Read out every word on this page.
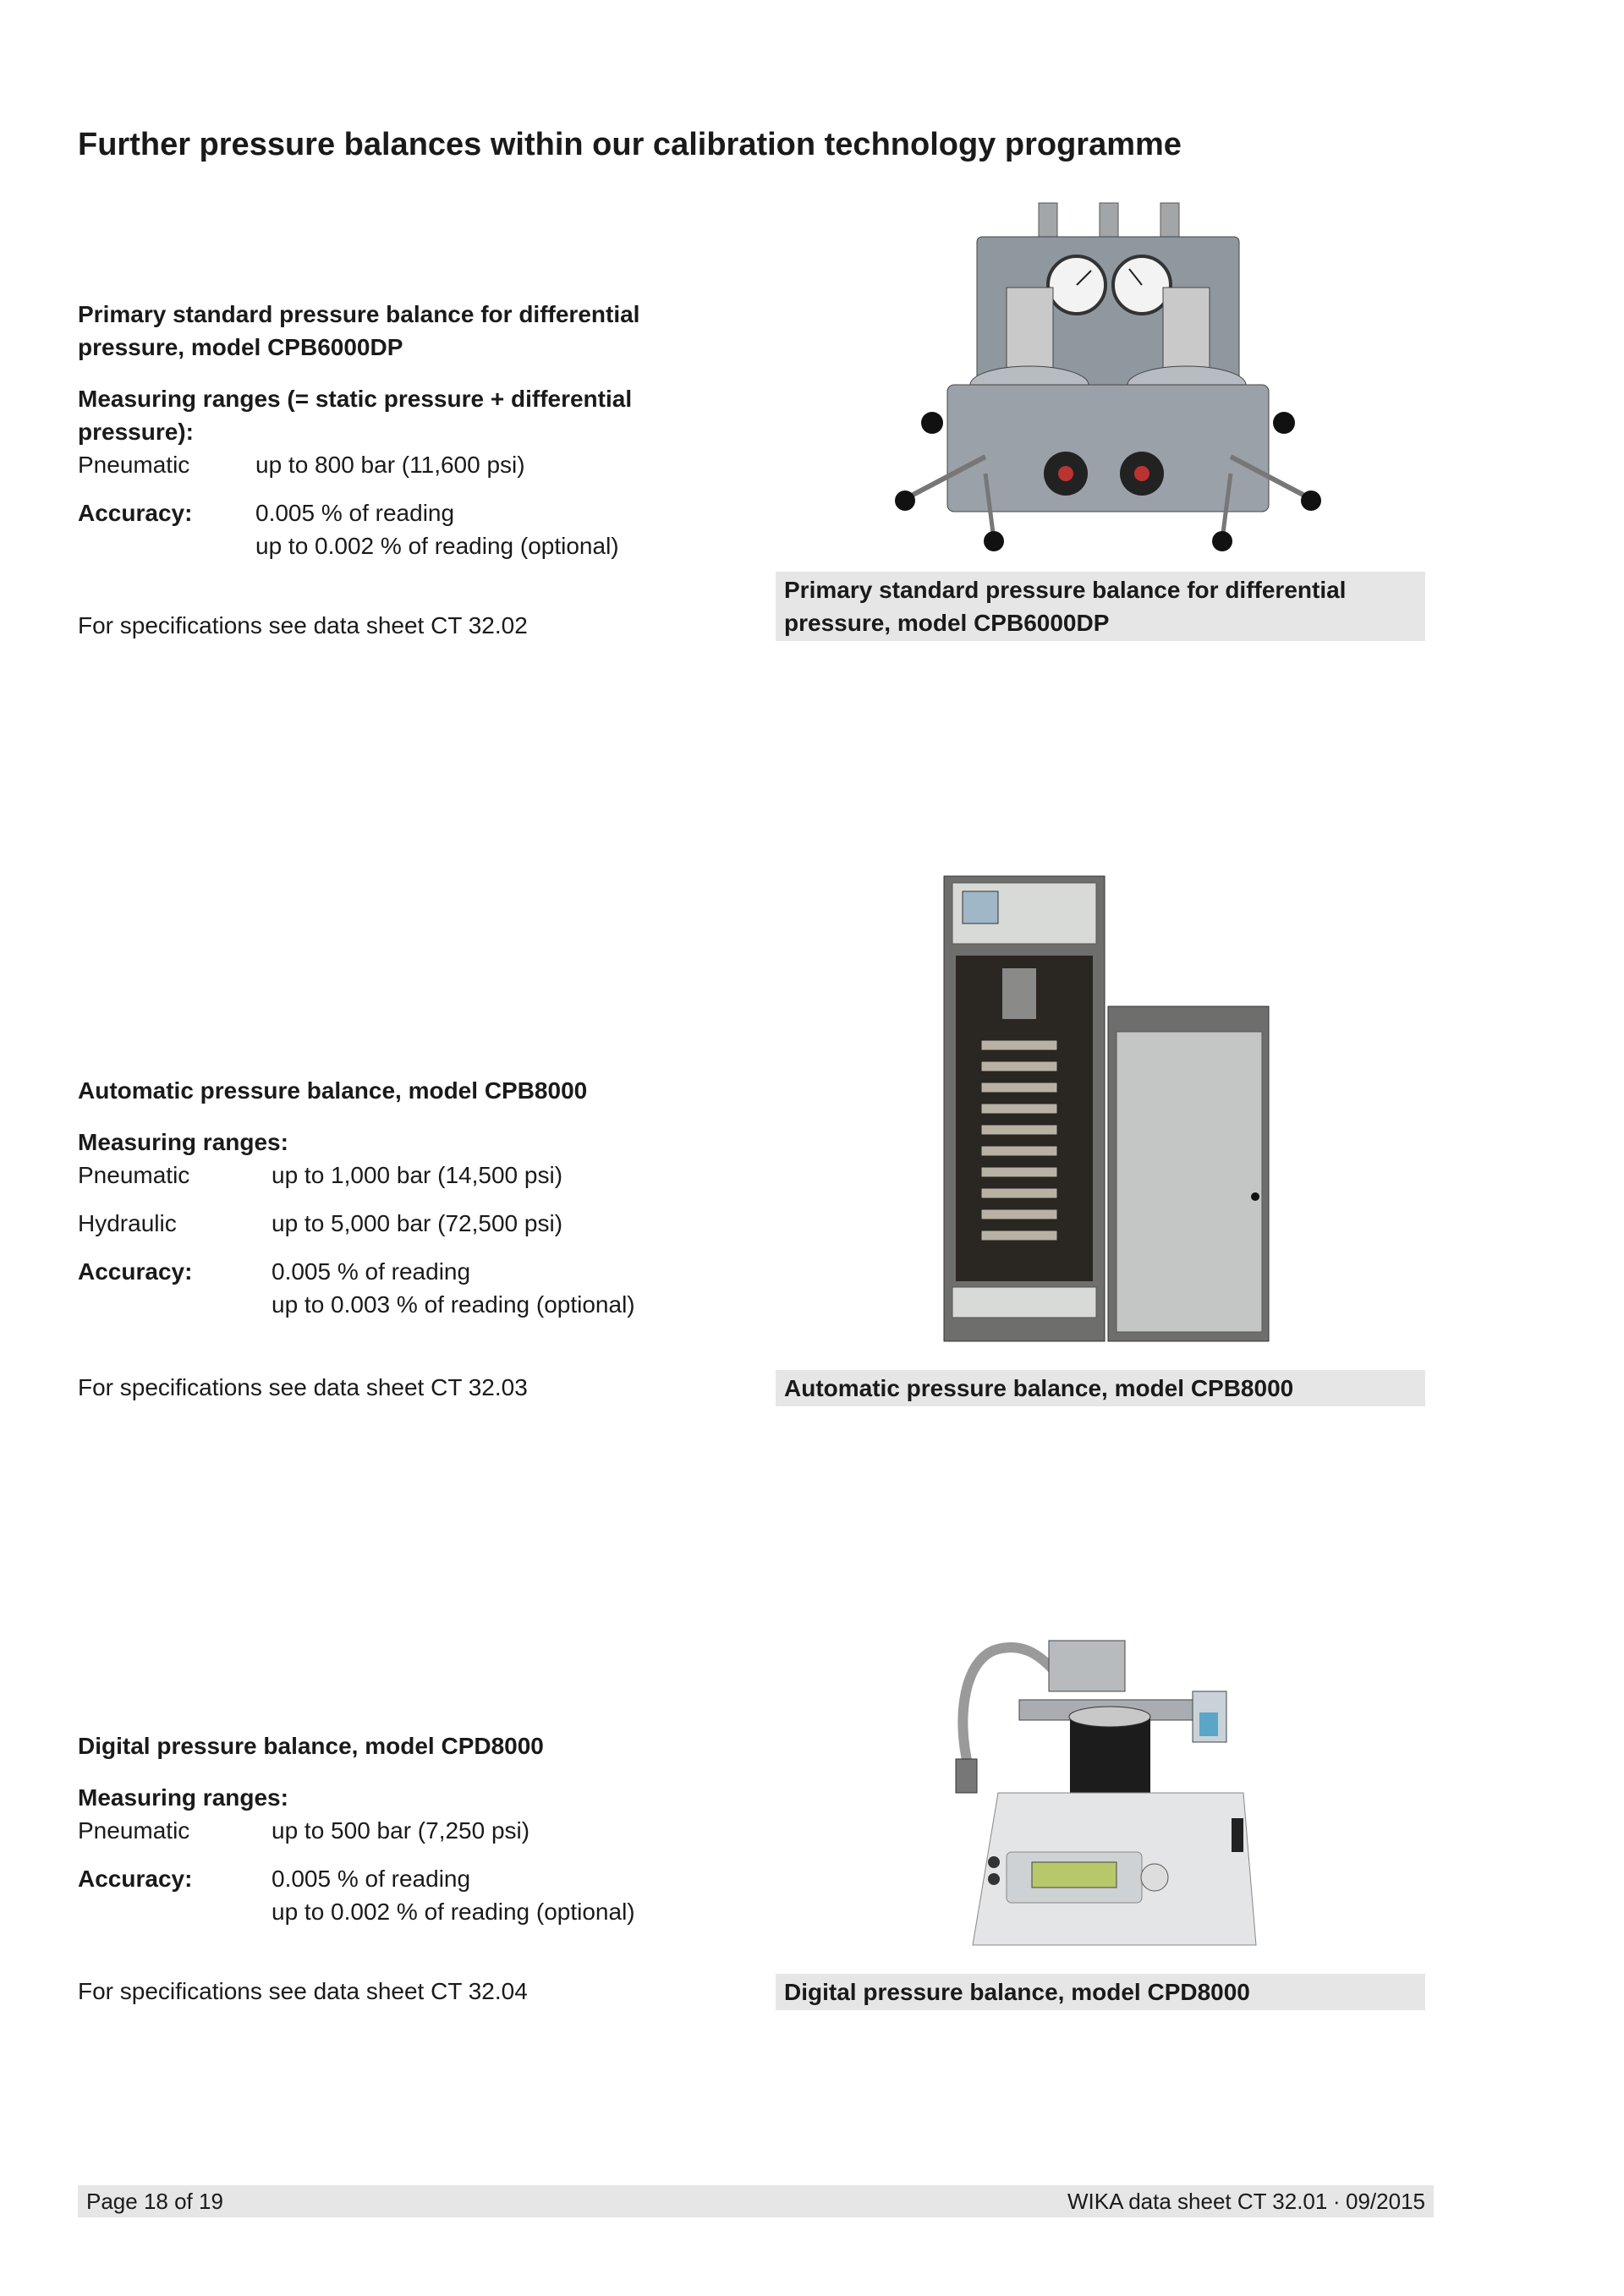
Further pressure balances within our calibration technology programme

Primary standard pressure balance for differential pressure, model CPB6000DP

Measuring ranges (= static pressure + differential pressure):
Pneumatic	up to 800 bar (11,600 psi)
Accuracy:	0.005 % of reading
up to 0.002 % of reading (optional)
For specifications see data sheet CT 32.02
Primary standard pressure balance for differential pressure, model CPB6000DP

Automatic pressure balance, model CPB8000

Measuring ranges:
Pneumatic	up to 1,000 bar (14,500 psi)
Hydraulic	up to 5,000 bar (72,500 psi)
Accuracy:	0.005 % of reading
up to 0.003 % of reading (optional)
For specifications see data sheet CT 32.03	Automatic pressure balance, model CPB8000

Digital pressure balance, model CPD8000

Measuring ranges:
Pneumatic	up to 500 bar (7,250 psi)
Accuracy:	0.005 % of reading
up to 0.002 % of reading (optional)
For specifications see data sheet CT 32.04	Digital pressure balance, model CPD8000
Page 18 of 19	WIKA data sheet CT 32.01 ∙ 09/2015
